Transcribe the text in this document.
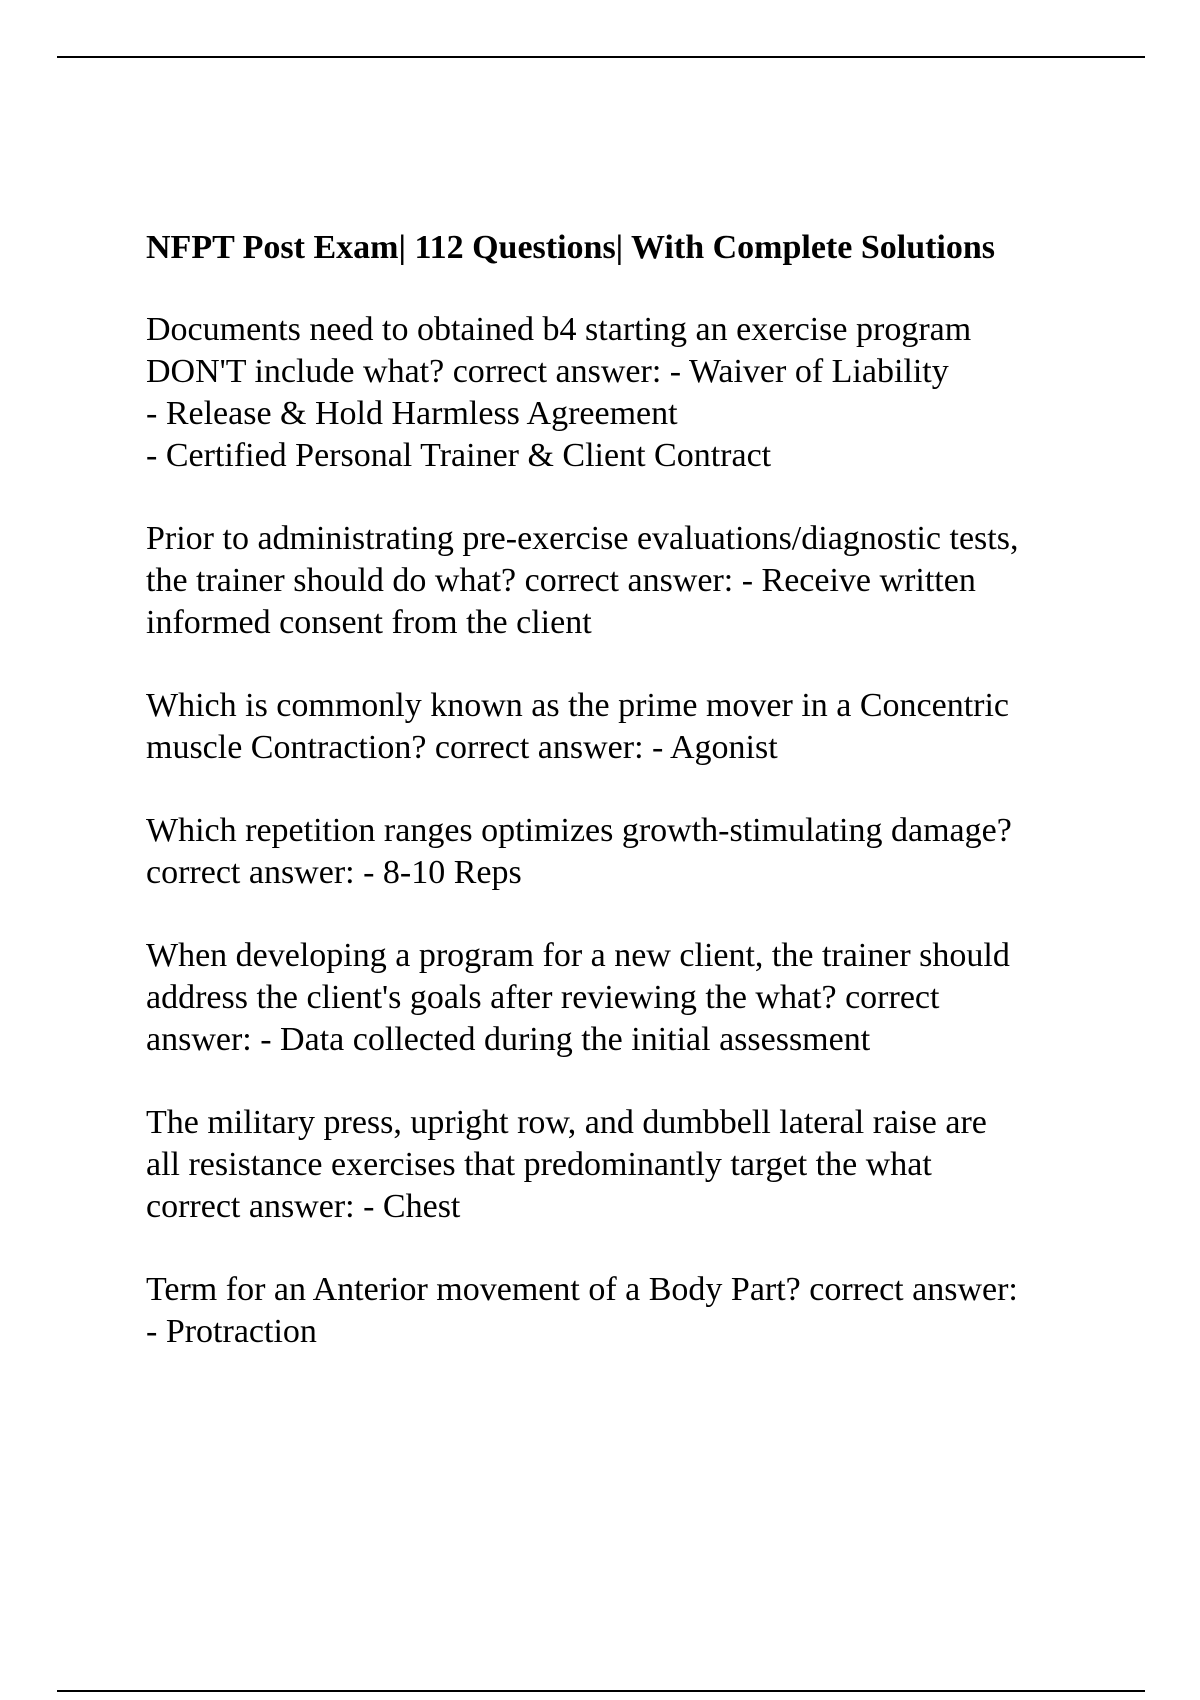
NFPT Post Exam| 112 Questions| With Complete Solutions
Documents need to obtained b4 starting an exercise program
DON'T include what? correct answer: - Waiver of Liability
- Release & Hold Harmless Agreement
- Certified Personal Trainer & Client Contract
Prior to administrating pre-exercise evaluations/diagnostic tests,
the trainer should do what? correct answer: - Receive written
informed consent from the client
Which is commonly known as the prime mover in a Concentric
muscle Contraction? correct answer: - Agonist
Which repetition ranges optimizes growth-stimulating damage?
correct answer: - 8-10 Reps
When developing a program for a new client, the trainer should
address the client's goals after reviewing the what? correct
answer: - Data collected during the initial assessment
The military press, upright row, and dumbbell lateral raise are
all resistance exercises that predominantly target the what
correct answer: - Chest
Term for an Anterior movement of a Body Part? correct answer:
- Protraction
